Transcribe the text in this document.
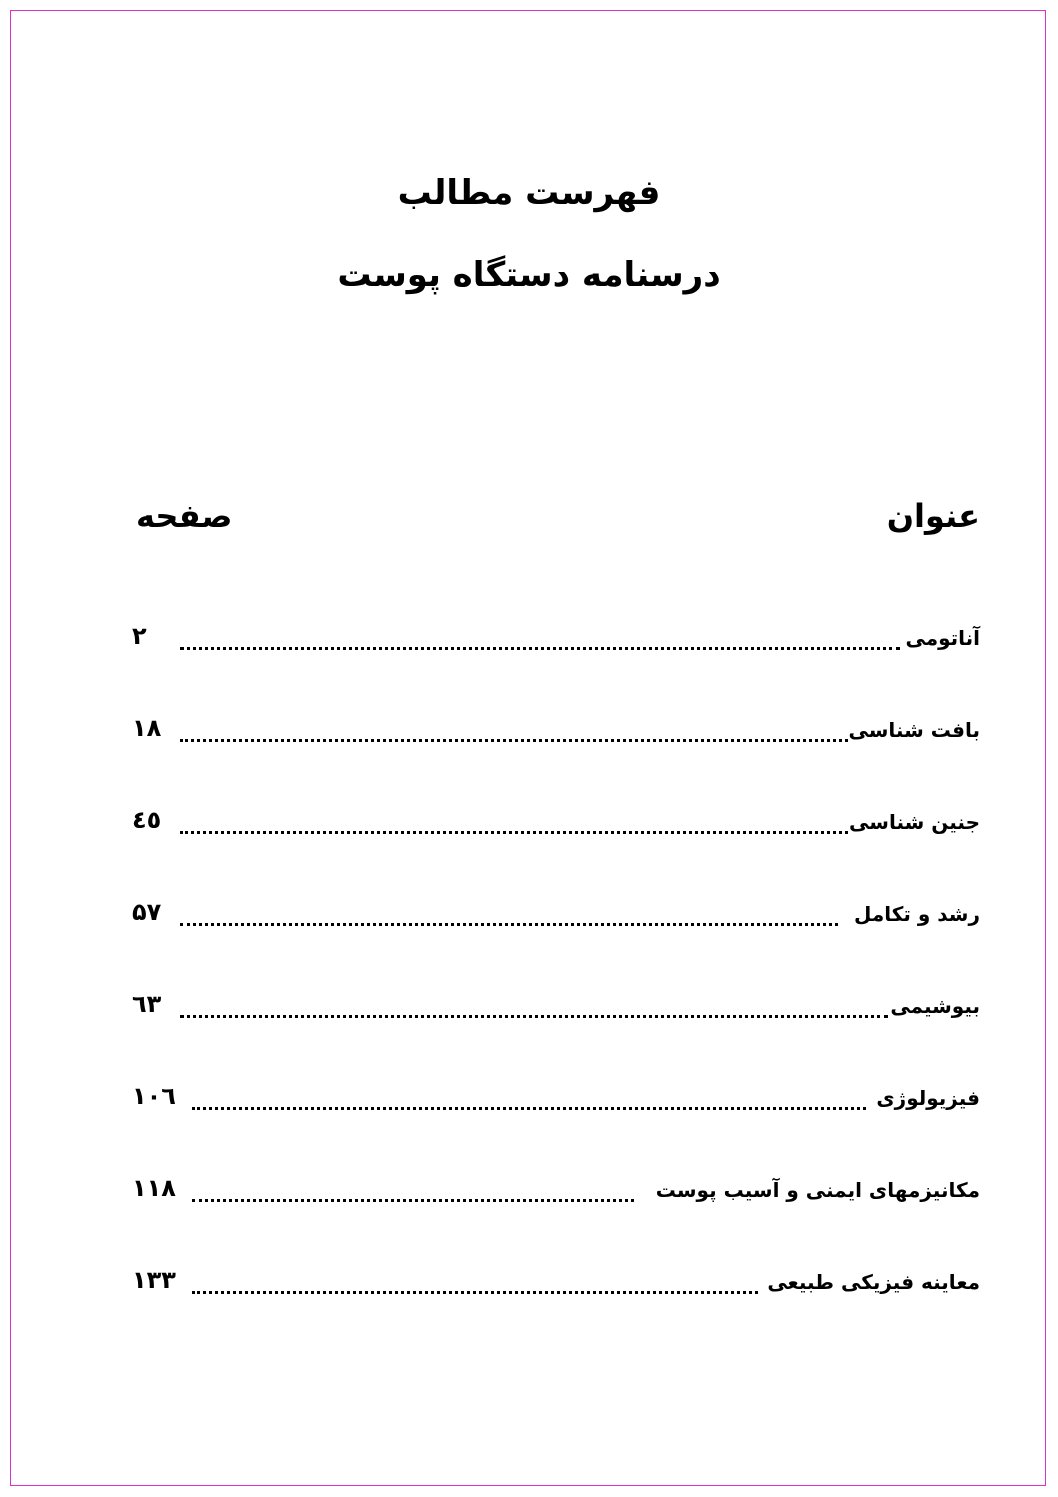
فهرست مطالب
درسنامه دستگاه پوست
عنوان
صفحه
آناتومی
۲
بافت شناسی
۱۸
جنین شناسی
٤٥
رشد و تکامل
۵۷
بیوشیمی
٦٣
فیزیولوژی
۱۰٦
مکانیزمهای ایمنی و آسیب پوست
۱۱۸
معاینه فیزیکی طبیعی
۱۳۳
